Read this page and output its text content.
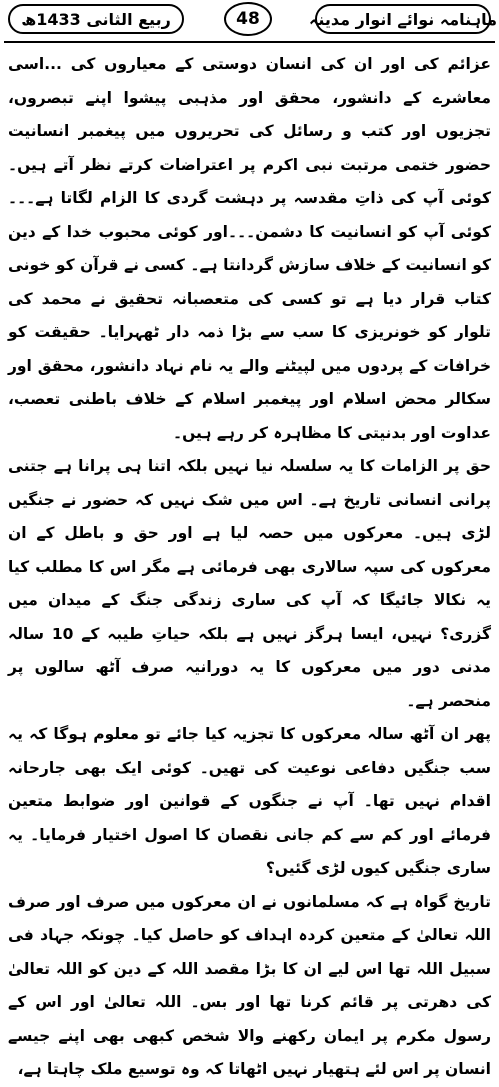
ربیع الثانی 1433ھ	48	ماہنامہ نوائے انوار مدینہ

عزائم کی اور ان کی انسان دوستی کے معیاروں کی ...اسی معاشرے کے دانشور، محقق اور مذہبی پیشوا اپنے تبصروں، تجزیوں اور کتب و رسائل کی تحریروں میں پیغمبر انسانیت حضور ختمی مرتبت نبی اکرم پر اعتراضات کرتے نظر آتے ہیں۔ کوئی آپ کی ذاتِ مقدسہ پر دہشت گردی کا الزام لگاتا ہے۔۔۔کوئی آپ کو انسانیت کا دشمن۔۔۔اور کوئی محبوب خدا کے دین کو انسانیت کے خلاف سازش گردانتا ہے۔ کسی نے قرآن کو خونی کتاب قرار دیا ہے تو کسی کی متعصبانہ تحقیق نے محمد کی تلوار کو خونریزی کا سب سے بڑا ذمہ دار ٹھہرایا۔ حقیقت کو خرافات کے پردوں میں لپیٹنے والے یہ نام نہاد دانشور، محقق اور سکالر محض اسلام اور پیغمبر اسلام کے خلاف باطنی تعصب، عداوت اور بدنیتی کا مظاہرہ کر رہے ہیں۔

حق پر الزامات کا یہ سلسلہ نیا نہیں بلکہ اتنا ہی پرانا ہے جتنی پرانی انسانی تاریخ ہے۔ اس میں شک نہیں کہ حضور نے جنگیں لڑی ہیں۔ معرکوں میں حصہ لیا ہے اور حق و باطل کے ان معرکوں کی سپہ سالاری بھی فرمائی ہے مگر اس کا مطلب کیا یہ نکالا جائیگا کہ آپ کی ساری زندگی جنگ کے میدان میں گزری؟ نہیں، ایسا ہرگز نہیں ہے بلکہ حیاتِ طیبہ کے 10 سالہ مدنی دور میں معرکوں کا یہ دورانیہ صرف آٹھ سالوں پر منحصر ہے۔

پھر ان آٹھ سالہ معرکوں کا تجزیہ کیا جائے تو معلوم ہوگا کہ یہ سب جنگیں دفاعی نوعیت کی تھیں۔ کوئی ایک بھی جارحانہ اقدام نہیں تھا۔ آپ نے جنگوں کے قوانین اور ضوابط متعین فرمائے اور کم سے کم جانی نقصان کا اصول اختیار فرمایا۔ یہ ساری جنگیں کیوں لڑی گئیں؟

تاریخ گواہ ہے کہ مسلمانوں نے ان معرکوں میں صرف اور صرف اللہ تعالیٰ کے متعین کردہ اہداف کو حاصل کیا۔ چونکہ جہاد فی سبیل اللہ تھا اس لیے ان کا بڑا مقصد اللہ کے دین کو اللہ تعالیٰ کی دھرتی پر قائم کرنا تھا اور بس۔ اللہ تعالیٰ اور اس کے رسول مکرم پر ایمان رکھنے والا شخص کبھی بھی اپنے جیسے انسان پر اس لئے ہتھیار نہیں اٹھاتا کہ وہ توسیع ملک چاہتا ہے،
